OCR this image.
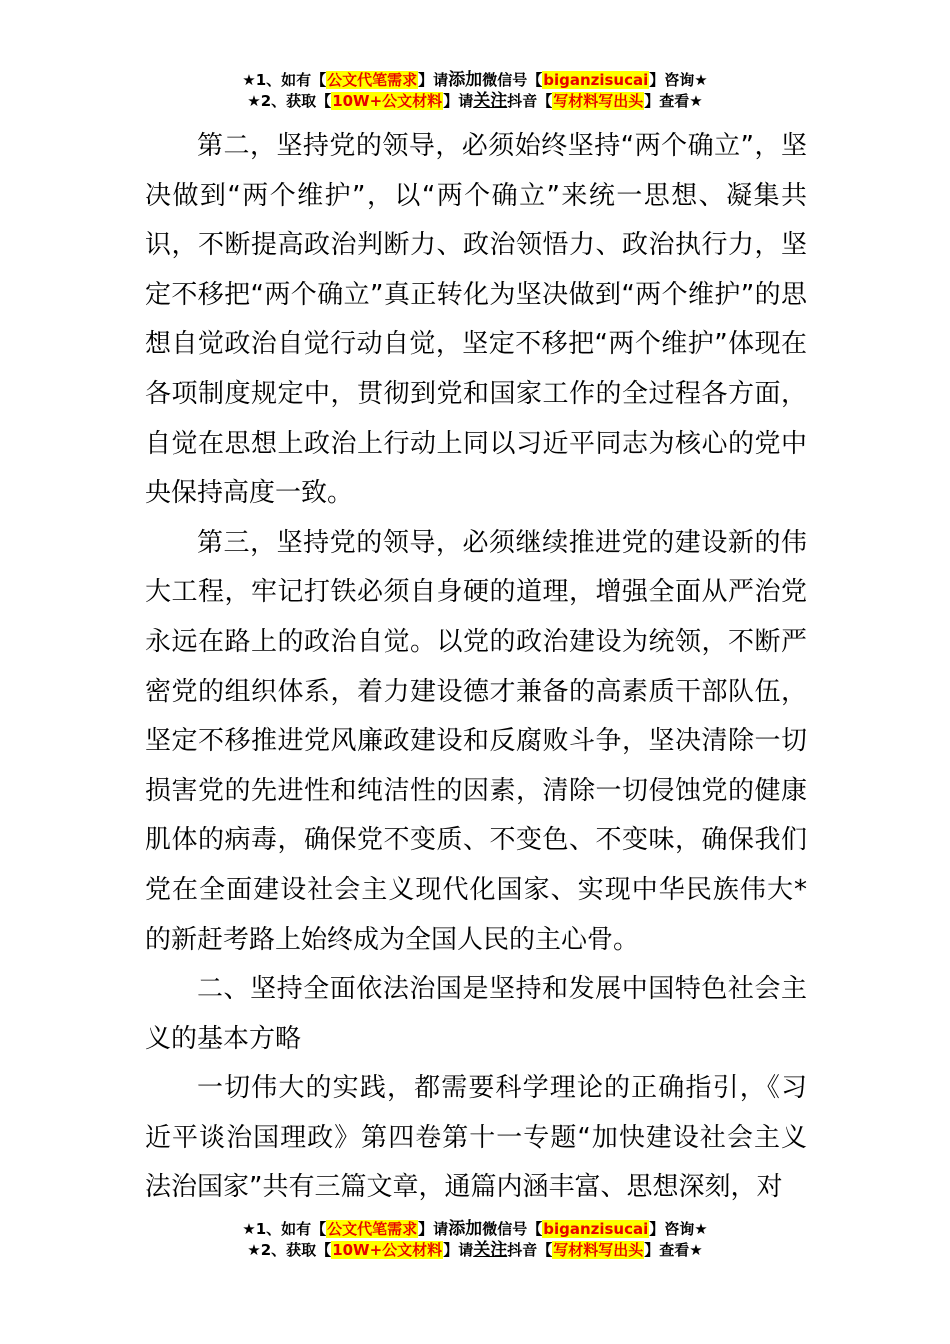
★1、如有【公文代笔需求】请添加微信号【biganzisucai】咨询★
★2、获取【10W+公文材料】请关注抖音【写材料写出头】查看★

第二，坚持党的领导，必须始终坚持“两个确立”，坚决做到“两个维护”，以“两个确立”来统一思想、凝集共识，不断提高政治判断力、政治领悟力、政治执行力，坚定不移把“两个确立”真正转化为坚决做到“两个维护”的思想自觉政治自觉行动自觉，坚定不移把“两个维护”体现在各项制度规定中，贯彻到党和国家工作的全过程各方面，自觉在思想上政治上行动上同以习近平同志为核心的党中央保持高度一致。

第三，坚持党的领导，必须继续推进党的建设新的伟大工程，牢记打铁必须自身硬的道理，增强全面从严治党永远在路上的政治自觉。以党的政治建设为统领，不断严密党的组织体系，着力建设德才兼备的高素质干部队伍，坚定不移推进党风廉政建设和反腐败斗争，坚决清除一切损害党的先进性和纯洁性的因素，清除一切侵蚀党的健康肌体的病毒，确保党不变质、不变色、不变味，确保我们党在全面建设社会主义现代化国家、实现中华民族伟大*的新赶考路上始终成为全国人民的主心骨。

二、坚持全面依法治国是坚持和发展中国特色社会主义的基本方略

一切伟大的实践，都需要科学理论的正确指引，《习近平谈治国理政》第四卷第十一专题“加快建设社会主义法治国家”共有三篇文章，通篇内涵丰富、思想深刻，对

★1、如有【公文代笔需求】请添加微信号【biganzisucai】咨询★
★2、获取【10W+公文材料】请关注抖音【写材料写出头】查看★
